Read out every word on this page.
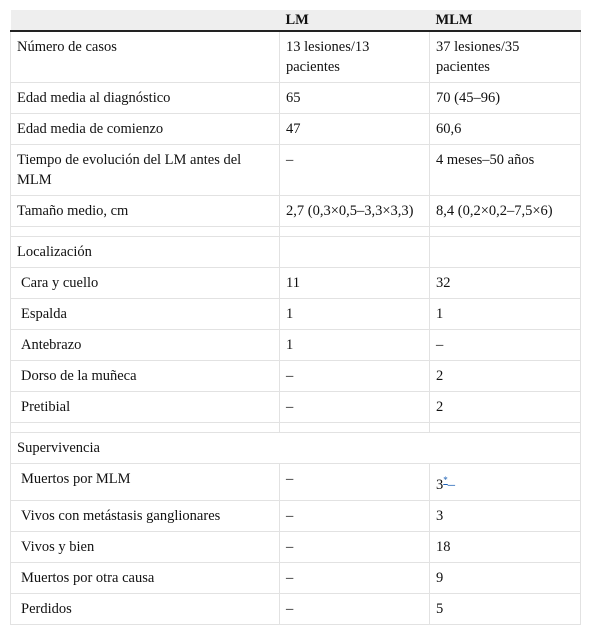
	LM	MLM
Número de casos	13 lesiones/13 pacientes	37 lesiones/35 pacientes
Edad media al diagnóstico	65	70 (45–96)
Edad media de comienzo	47	60,6
Tiempo de evolución del LM antes del MLM	–	4 meses–50 años
Tamaño medio, cm	2,7 (0,3×0,5–3,3×3,3)	8,4 (0,2×0,2–7,5×6)

Localización		
Cara y cuello	11	32
Espalda	1	1
Antebrazo	1	–
Dorso de la muñeca	–	2
Pretibial	–	2

Supervivencia		
Muertos por MLM	–	3*–
Vivos con metástasis ganglionares	–	3
Vivos y bien	–	18
Muertos por otra causa	–	9
Perdidos	–	5
